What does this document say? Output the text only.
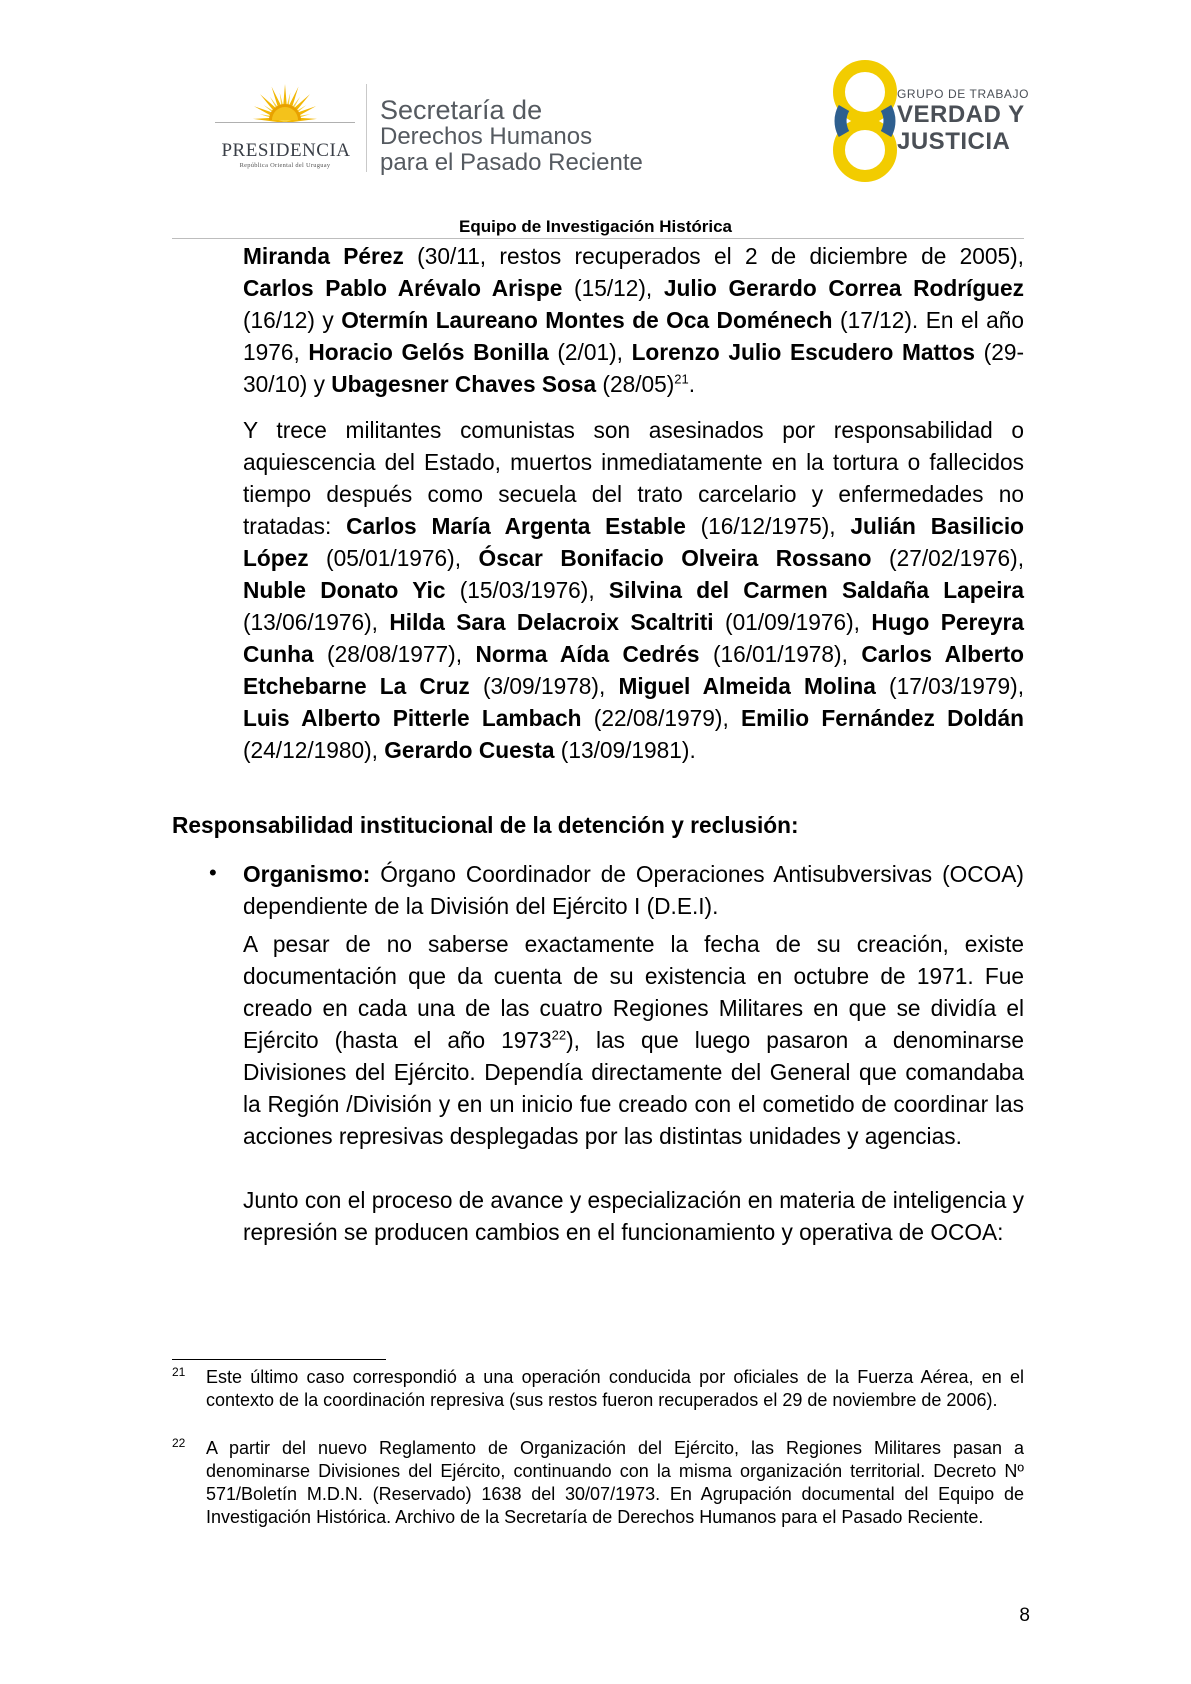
PRESIDENCIA
República Oriental del Uruguay
Secretaría de
Derechos Humanos
para el Pasado Reciente
GRUPO DE TRABAJO
VERDAD Y
JUSTICIA
Equipo de Investigación Histórica

Miranda Pérez (30/11, restos recuperados el 2 de diciembre de 2005), Carlos Pablo Arévalo Arispe (15/12), Julio Gerardo Correa Rodríguez (16/12) y Otermín Laureano Montes de Oca Doménech (17/12). En el año 1976, Horacio Gelós Bonilla (2/01), Lorenzo Julio Escudero Mattos (29-30/10) y Ubagesner Chaves Sosa $(28/05)^{21}$.

Y trece militantes comunistas son asesinados por responsabilidad o aquiescencia del Estado, muertos inmediatamente en la tortura o fallecidos tiempo después como secuela del trato carcelario y enfermedades no tratadas: Carlos María Argenta Estable (16/12/1975), Julián Basilicio López (05/01/1976), Óscar Bonifacio Olveira Rossano (27/02/1976), Nuble Donato Yic (15/03/1976), Silvina del Carmen Saldaña Lapeira (13/06/1976), Hilda Sara Delacroix Scaltriti (01/09/1976), Hugo Pereyra Cunha (28/08/1977), Norma Aída Cedrés (16/01/1978), Carlos Alberto Etchebarne La Cruz (3/09/1978), Miguel Almeida Molina (17/03/1979), Luis Alberto Pitterle Lambach (22/08/1979), Emilio Fernández Doldán (24/12/1980), Gerardo Cuesta (13/09/1981).

Responsabilidad institucional de la detención y reclusión:
• Organismo: Órgano Coordinador de Operaciones Antisubversivas (OCOA) dependiente de la División del Ejército I (D.E.I).

A pesar de no saberse exactamente la fecha de su creación, existe documentación que da cuenta de su existencia en octubre de 1971. Fue creado en cada una de las cuatro Regiones Militares en que se dividía el Ejército (hasta el año 1973$^{22}$), las que luego pasaron a denominarse Divisiones del Ejército. Dependía directamente del General que comandaba la Región /División y en un inicio fue creado con el cometido de coordinar las acciones represivas desplegadas por las distintas unidades y agencias.

Junto con el proceso de avance y especialización en materia de inteligencia y represión se producen cambios en el funcionamiento y operativa de OCOA:

21 Este último caso correspondió a una operación conducida por oficiales de la Fuerza Aérea, en el contexto de la coordinación represiva (sus restos fueron recuperados el 29 de noviembre de 2006).

22 A partir del nuevo Reglamento de Organización del Ejército, las Regiones Militares pasan a denominarse Divisiones del Ejército, continuando con la misma organización territorial. Decreto Nº 571/Boletín M.D.N. (Reservado) 1638 del 30/07/1973. En Agrupación documental del Equipo de Investigación Histórica. Archivo de la Secretaría de Derechos Humanos para el Pasado Reciente.

8
